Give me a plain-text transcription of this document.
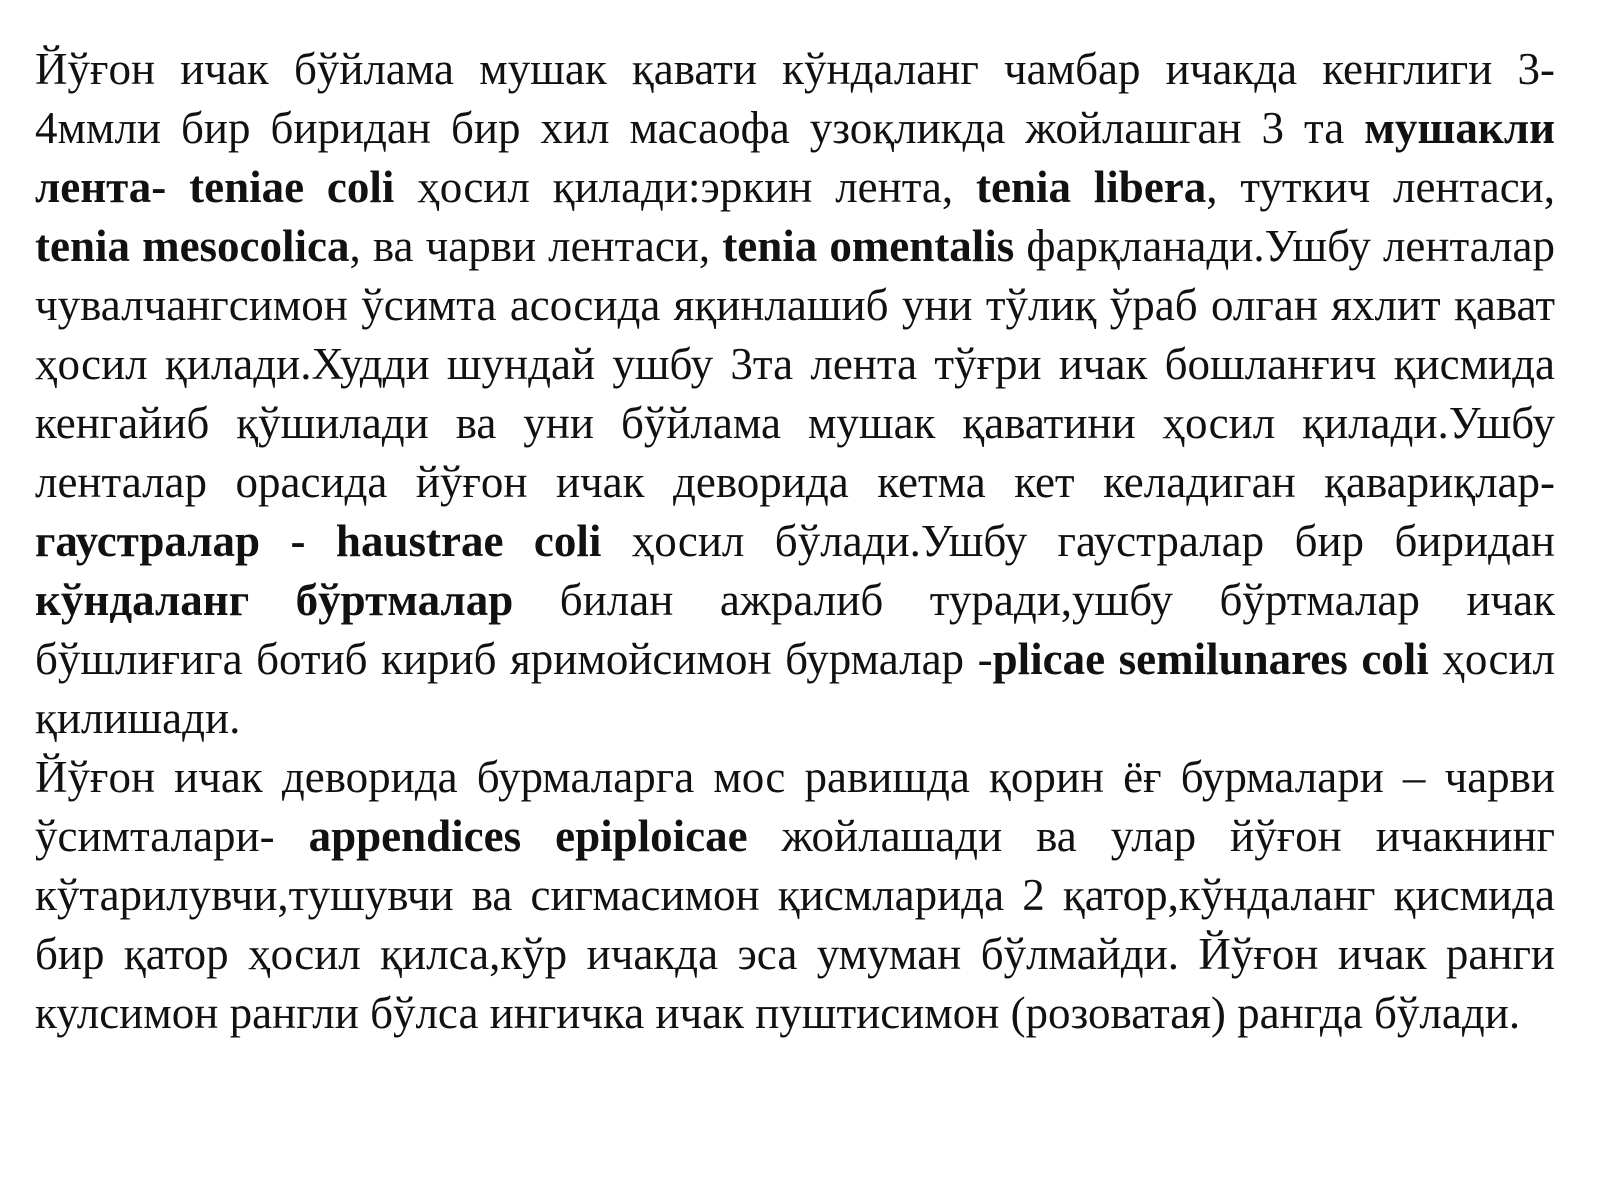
Йўғон ичак бўйлама мушак қавати кўндаланг чамбар ичакда кенглиги 3-4ммли бир биридан бир хил масаофа узоқликда жойлашган 3 та мушакли лента- teniae coli ҳосил қилади:эркин лента, tenia libera, туткич лентаси, tenia mesocolica, ва чарви лентаси, tenia omentalis фарқланади.Ушбу ленталар чувалчангсимон ўсимта асосида яқинлашиб уни тўлиқ ўраб олган яхлит қават ҳосил қилади.Худди шундай ушбу 3та лента тўғри ичак бошланғич қисмида кенгайиб қўшилади ва уни бўйлама мушак қаватини ҳосил қилади.Ушбу ленталар орасида йўғон ичак деворида кетма кет келадиган қавариқлар- гаустралар - haustrae coli ҳосил бўлади.Ушбу гаустралар бир биридан кўндаланг бўртмалар билан ажралиб туради,ушбу бўртмалар ичак бўшлиғига ботиб кириб яримойсимон бурмалар -plicae semilunares coli ҳосил қилишади.

Йўғон ичак деворида бурмаларга мос равишда қорин ёғ бурмалари – чарви ўсимталари- appendices epiploicae жойлашади ва улар йўғон ичакнинг кўтарилувчи,тушувчи ва сигмасимон қисмларида 2 қатор,кўндаланг қисмида бир қатор ҳосил қилса,кўр ичакда эса умуман бўлмайди. Йўғон ичак ранги кулсимон рангли бўлса ингичка ичак пуштисимон (розоватая) рангда бўлади.
